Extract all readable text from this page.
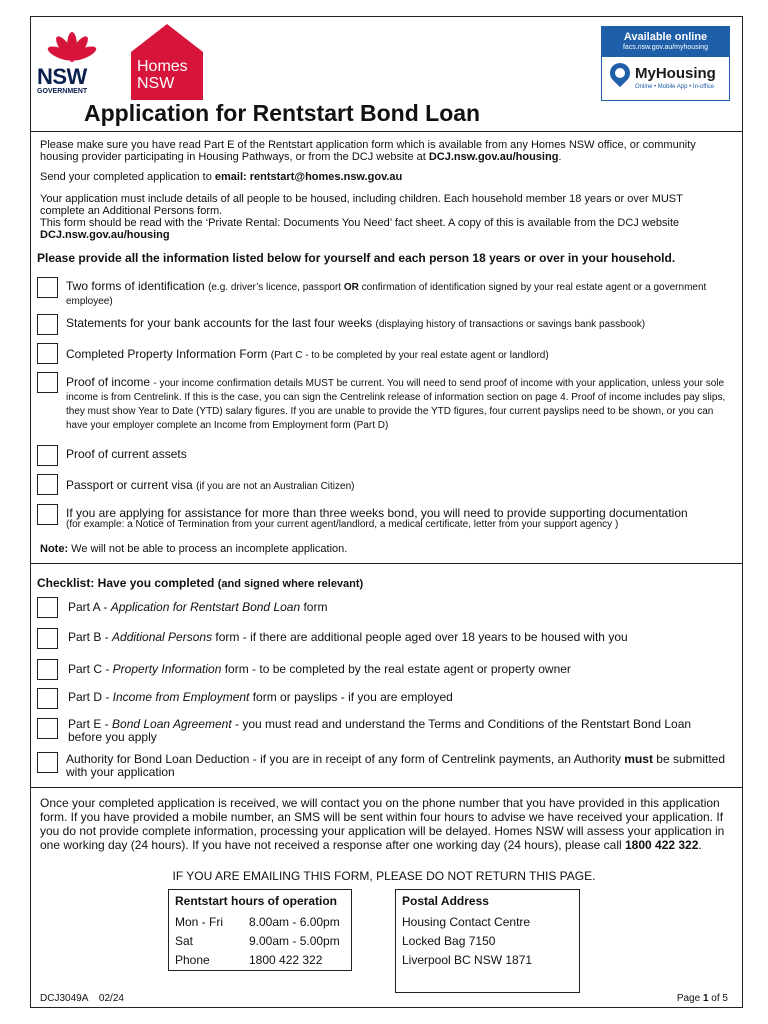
NSW
GOVERNMENT
Homes
NSW
Available online
facs.nsw.gov.au/myhousing
MyHousing
Online • Mobile App • In-office
Application for Rentstart Bond Loan
Please make sure you have read Part E of the Rentstart application form which is available from any Homes NSW office, or community housing provider participating in Housing Pathways, or from the DCJ website at DCJ.nsw.gov.au/housing.
Send your completed application to email: rentstart@homes.nsw.gov.au
Your application must include details of all people to be housed, including children. Each household member 18 years or over MUST complete an Additional Persons form.
This form should be read with the ‘Private Rental: Documents You Need’ fact sheet. A copy of this is available from the DCJ website DCJ.nsw.gov.au/housing
Please provide all the information listed below for yourself and each person 18 years or over in your household.
Two forms of identification (e.g. driver’s licence, passport OR confirmation of identification signed by your real estate agent or a government employee)
Statements for your bank accounts for the last four weeks (displaying history of transactions or savings bank passbook)
Completed Property Information Form (Part C - to be completed by your real estate agent or landlord)
Proof of income - your income confirmation details MUST be current. You will need to send proof of income with your application, unless your sole income is from Centrelink. If this is the case, you can sign the Centrelink release of information section on page 4. Proof of income includes pay slips, they must show Year to Date (YTD) salary figures. If you are unable to provide the YTD figures, four current payslips need to be shown, or you can have your employer complete an Income from Employment form (Part D)
Proof of current assets
Passport or current visa (if you are not an Australian Citizen)
If you are applying for assistance for more than three weeks bond, you will need to provide supporting documentation
(for example: a Notice of Termination from your current agent/landlord, a medical certificate, letter from your support agency )
Note: We will not be able to process an incomplete application.
Checklist: Have you completed (and signed where relevant)
Part A - Application for Rentstart Bond Loan form
Part B - Additional Persons form - if there are additional people aged over 18 years to be housed with you
Part C - Property Information form - to be completed by the real estate agent or property owner
Part D - Income from Employment form or payslips - if you are employed
Part E - Bond Loan Agreement - you must read and understand the Terms and Conditions of the Rentstart Bond Loan before you apply
Authority for Bond Loan Deduction - if you are in receipt of any form of Centrelink payments, an Authority must be submitted with your application
Once your completed application is received, we will contact you on the phone number that you have provided in this application form. If you have provided a mobile number, an SMS will be sent within four hours to advise we have received your application. If you do not provide complete information, processing your application will be delayed. Homes NSW will assess your application in one working day (24 hours). If you have not received a response after one working day (24 hours), please call 1800 422 322.
IF YOU ARE EMAILING THIS FORM, PLEASE DO NOT RETURN THIS PAGE.
Rentstart hours of operation
Mon - Fri	8.00am - 6.00pm
Sat	9.00am - 5.00pm
Phone	1800 422 322
Postal Address
Housing Contact Centre
Locked Bag 7150
Liverpool BC NSW 1871
DCJ3049A    02/24	Page 1 of 5
